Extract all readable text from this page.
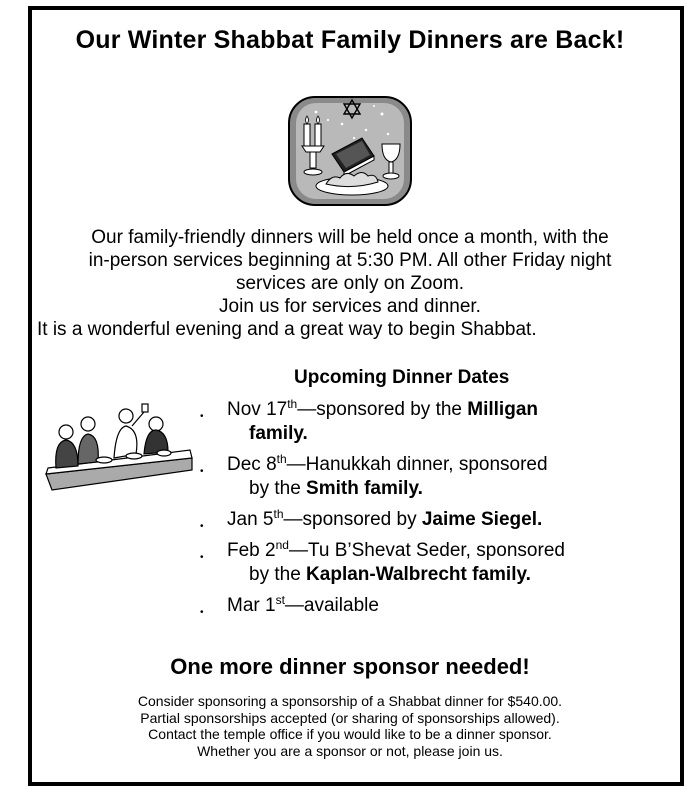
Our Winter Shabbat Family Dinners are Back!
Our family-friendly dinners will be held once a month, with the
in-person services beginning at 5:30 PM. All other Friday night
services are only on Zoom.
Join us for services and dinner.
It is a wonderful evening and a great way to begin Shabbat.
Upcoming Dinner Dates
• Nov 17th—sponsored by the Milligan
family.
• Dec 8th—Hanukkah dinner, sponsored
by the Smith family.
• Jan 5th—sponsored by Jaime Siegel.
• Feb 2nd—Tu B’Shevat Seder, sponsored
by the Kaplan-Walbrecht family.
• Mar 1st—available
One more dinner sponsor needed!
Consider sponsoring a sponsorship of a Shabbat dinner for $540.00.
Partial sponsorships accepted (or sharing of sponsorships allowed).
Contact the temple office if you would like to be a dinner sponsor.
Whether you are a sponsor or not, please join us.
